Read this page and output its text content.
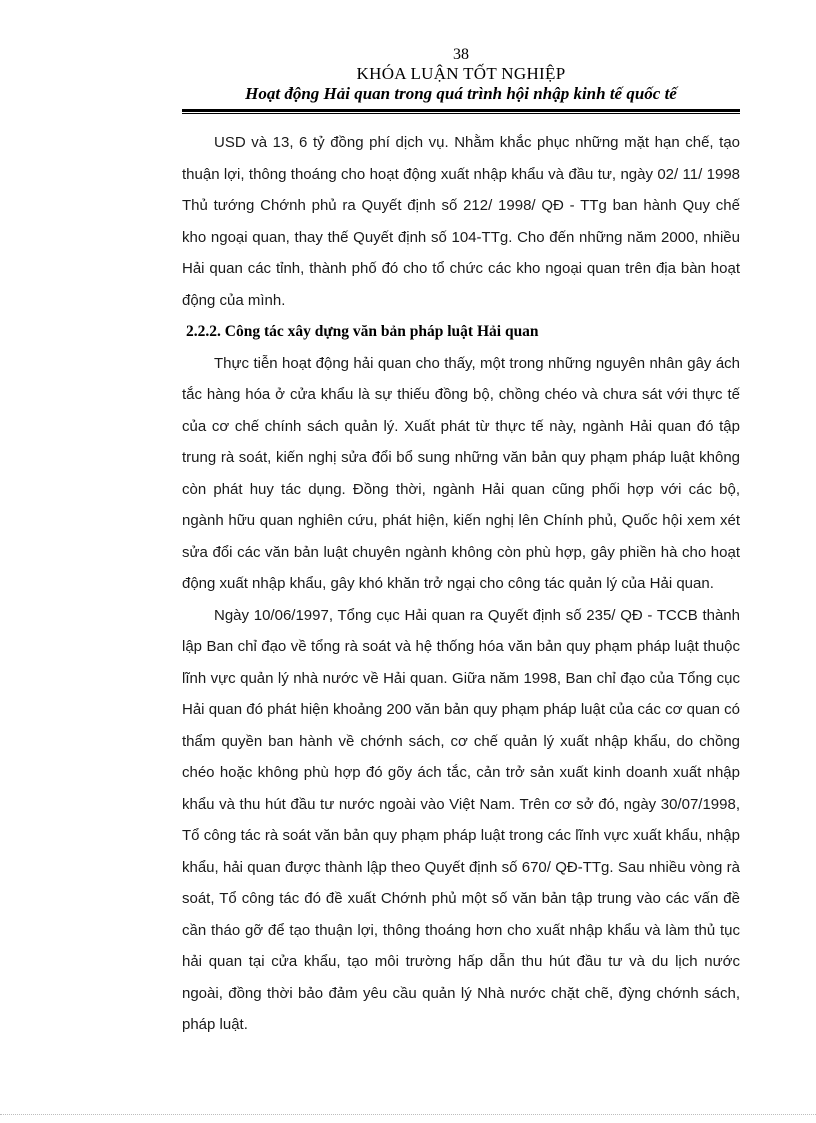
38
KHÓA LUẬN TỐT NGHIỆP
Hoạt động Hải quan trong quá trình hội nhập kinh tế quốc tế

USD và 13, 6 tỷ đồng phí dịch vụ. Nhằm khắc phục những mặt hạn chế, tạo thuận lợi, thông thoáng cho hoạt động xuất nhập khẩu và đầu tư, ngày 02/ 11/ 1998 Thủ tướng Chớnh phủ ra Quyết định số 212/ 1998/ QĐ - TTg ban hành Quy chế kho ngoại quan, thay thế Quyết định số 104-TTg. Cho đến những năm 2000, nhiều Hải quan các tỉnh, thành phố đó cho tổ chức các kho ngoại quan trên địa bàn hoạt động của mình.

2.2.2. Công tác xây dựng văn bản pháp luật Hải quan

Thực tiễn hoạt động hải quan cho thấy, một trong những nguyên nhân gây ách tắc hàng hóa ở cửa khẩu là sự thiếu đồng bộ, chồng chéo và chưa sát với thực tế của cơ chế chính sách quản lý. Xuất phát từ thực tế này, ngành Hải quan đó tập trung rà soát, kiến nghị sửa đổi bổ sung những văn bản quy phạm pháp luật không còn phát huy tác dụng. Đồng thời, ngành Hải quan cũng phối hợp với các bộ, ngành hữu quan nghiên cứu, phát hiện, kiến nghị lên Chính phủ, Quốc hội xem xét sửa đổi các văn bản luật chuyên ngành không còn phù hợp, gây phiền hà cho hoạt động xuất nhập khẩu, gây khó khăn trở ngại cho công tác quản lý của Hải quan.

Ngày 10/06/1997, Tổng cục Hải quan ra Quyết định số 235/ QĐ - TCCB thành lập Ban chỉ đạo về tổng rà soát và hệ thống hóa văn bản quy phạm pháp luật thuộc lĩnh vực quản lý nhà nước về Hải quan. Giữa năm 1998, Ban chỉ đạo của Tổng cục Hải quan đó phát hiện khoảng 200 văn bản quy phạm pháp luật của các cơ quan có thẩm quyền ban hành về chớnh sách, cơ chế quản lý xuất nhập khẩu, do chồng chéo hoặc không phù hợp đó gõy ách tắc, cản trở sản xuất kinh doanh xuất nhập khẩu và thu hút đầu tư nước ngoài vào Việt Nam. Trên cơ sở đó, ngày 30/07/1998, Tổ công tác rà soát văn bản quy phạm pháp luật trong các lĩnh vực xuất khẩu, nhập khẩu, hải quan được thành lập theo Quyết định số 670/ QĐ-TTg. Sau nhiều vòng rà soát, Tổ công tác đó đề xuất Chớnh phủ một số văn bản tập trung vào các vấn đề cần tháo gỡ để tạo thuận lợi, thông thoáng hơn cho xuất nhập khẩu và làm thủ tục hải quan tại cửa khẩu, tạo môi trường hấp dẫn thu hút đầu tư và du lịch nước ngoài, đồng thời bảo đảm yêu cầu quản lý Nhà nước chặt chẽ, đỳng chớnh sách, pháp luật.
